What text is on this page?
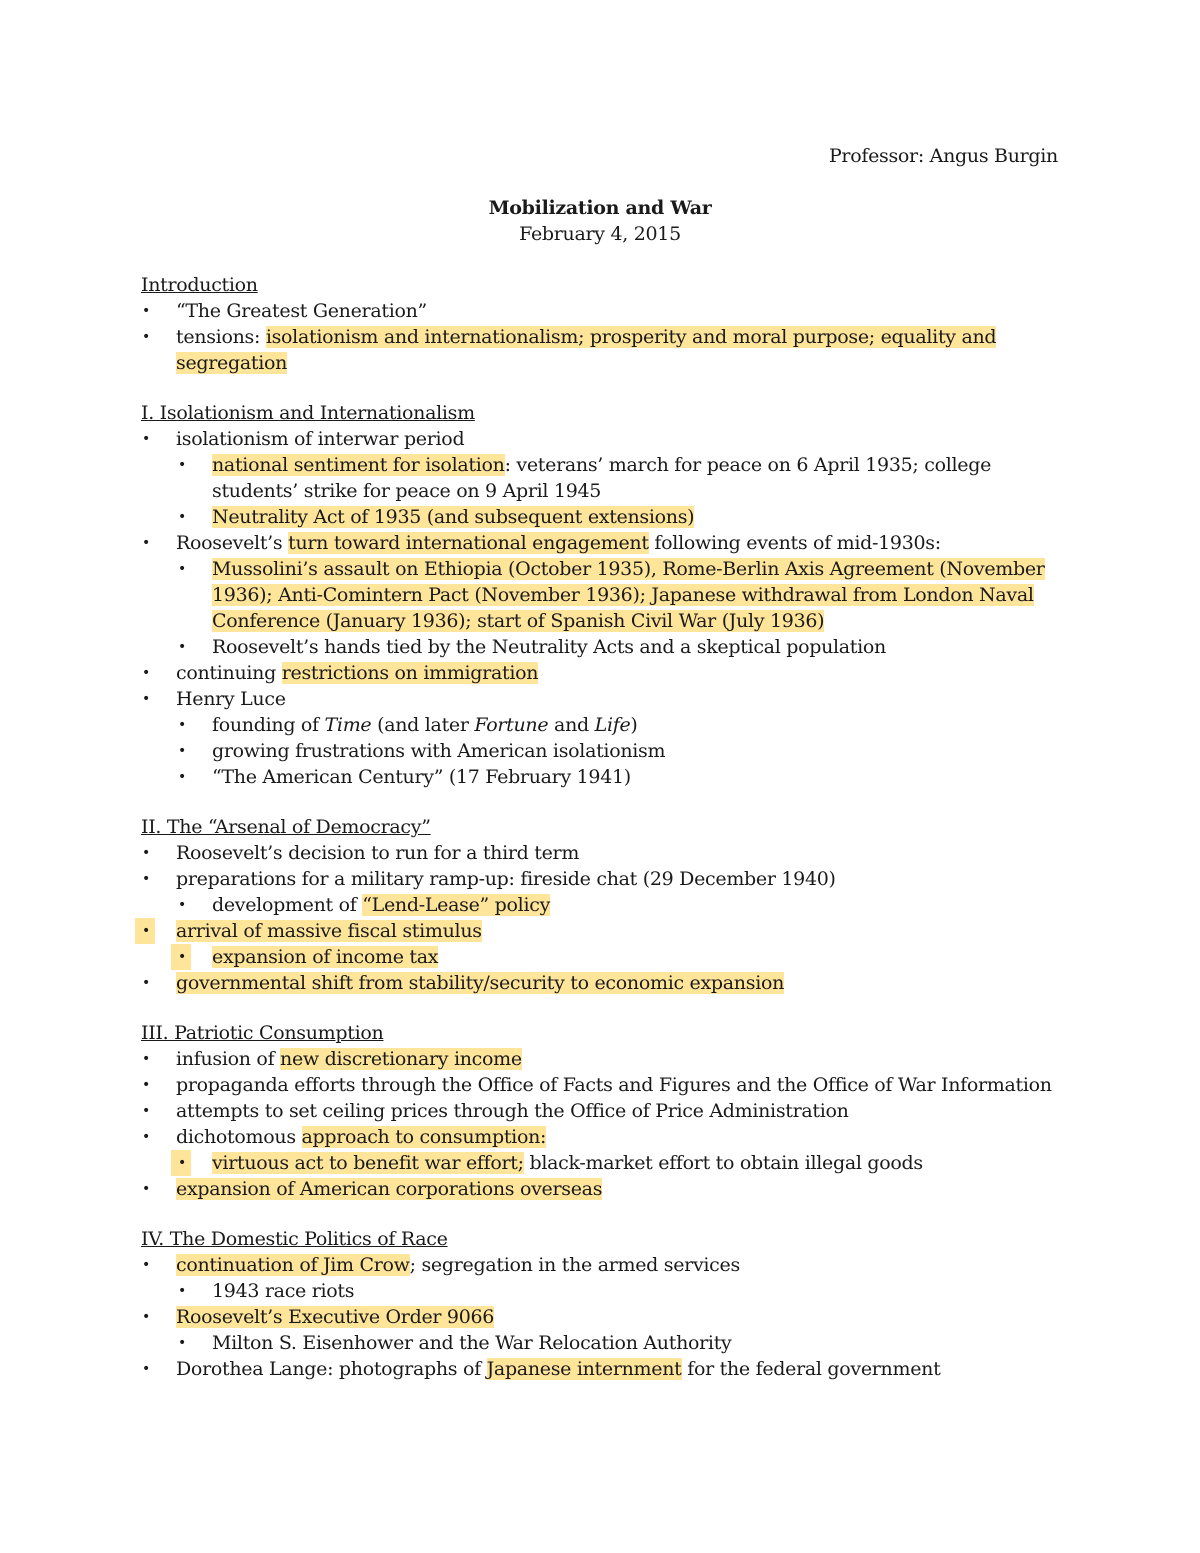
Professor: Angus Burgin
Mobilization and War
February 4, 2015
Introduction
• “The Greatest Generation”
• tensions: isolationism and internationalism; prosperity and moral purpose; equality and segregation
I. Isolationism and Internationalism
• isolationism of interwar period
• national sentiment for isolation: veterans’ march for peace on 6 April 1935; college students’ strike for peace on 9 April 1945
• Neutrality Act of 1935 (and subsequent extensions)
• Roosevelt’s turn toward international engagement following events of mid-1930s:
• Mussolini’s assault on Ethiopia (October 1935), Rome-Berlin Axis Agreement (November 1936); Anti-Comintern Pact (November 1936); Japanese withdrawal from London Naval Conference (January 1936); start of Spanish Civil War (July 1936)
• Roosevelt’s hands tied by the Neutrality Acts and a skeptical population
• continuing restrictions on immigration
• Henry Luce
• founding of Time (and later Fortune and Life)
• growing frustrations with American isolationism
• “The American Century” (17 February 1941)
II. The “Arsenal of Democracy”
• Roosevelt’s decision to run for a third term
• preparations for a military ramp-up: fireside chat (29 December 1940)
• development of “Lend-Lease” policy
• arrival of massive fiscal stimulus
• expansion of income tax
• governmental shift from stability/security to economic expansion
III. Patriotic Consumption
• infusion of new discretionary income
• propaganda efforts through the Office of Facts and Figures and the Office of War Information
• attempts to set ceiling prices through the Office of Price Administration
• dichotomous approach to consumption:
• virtuous act to benefit war effort; black-market effort to obtain illegal goods
• expansion of American corporations overseas
IV. The Domestic Politics of Race
• continuation of Jim Crow; segregation in the armed services
• 1943 race riots
• Roosevelt’s Executive Order 9066
• Milton S. Eisenhower and the War Relocation Authority
• Dorothea Lange: photographs of Japanese internment for the federal government
